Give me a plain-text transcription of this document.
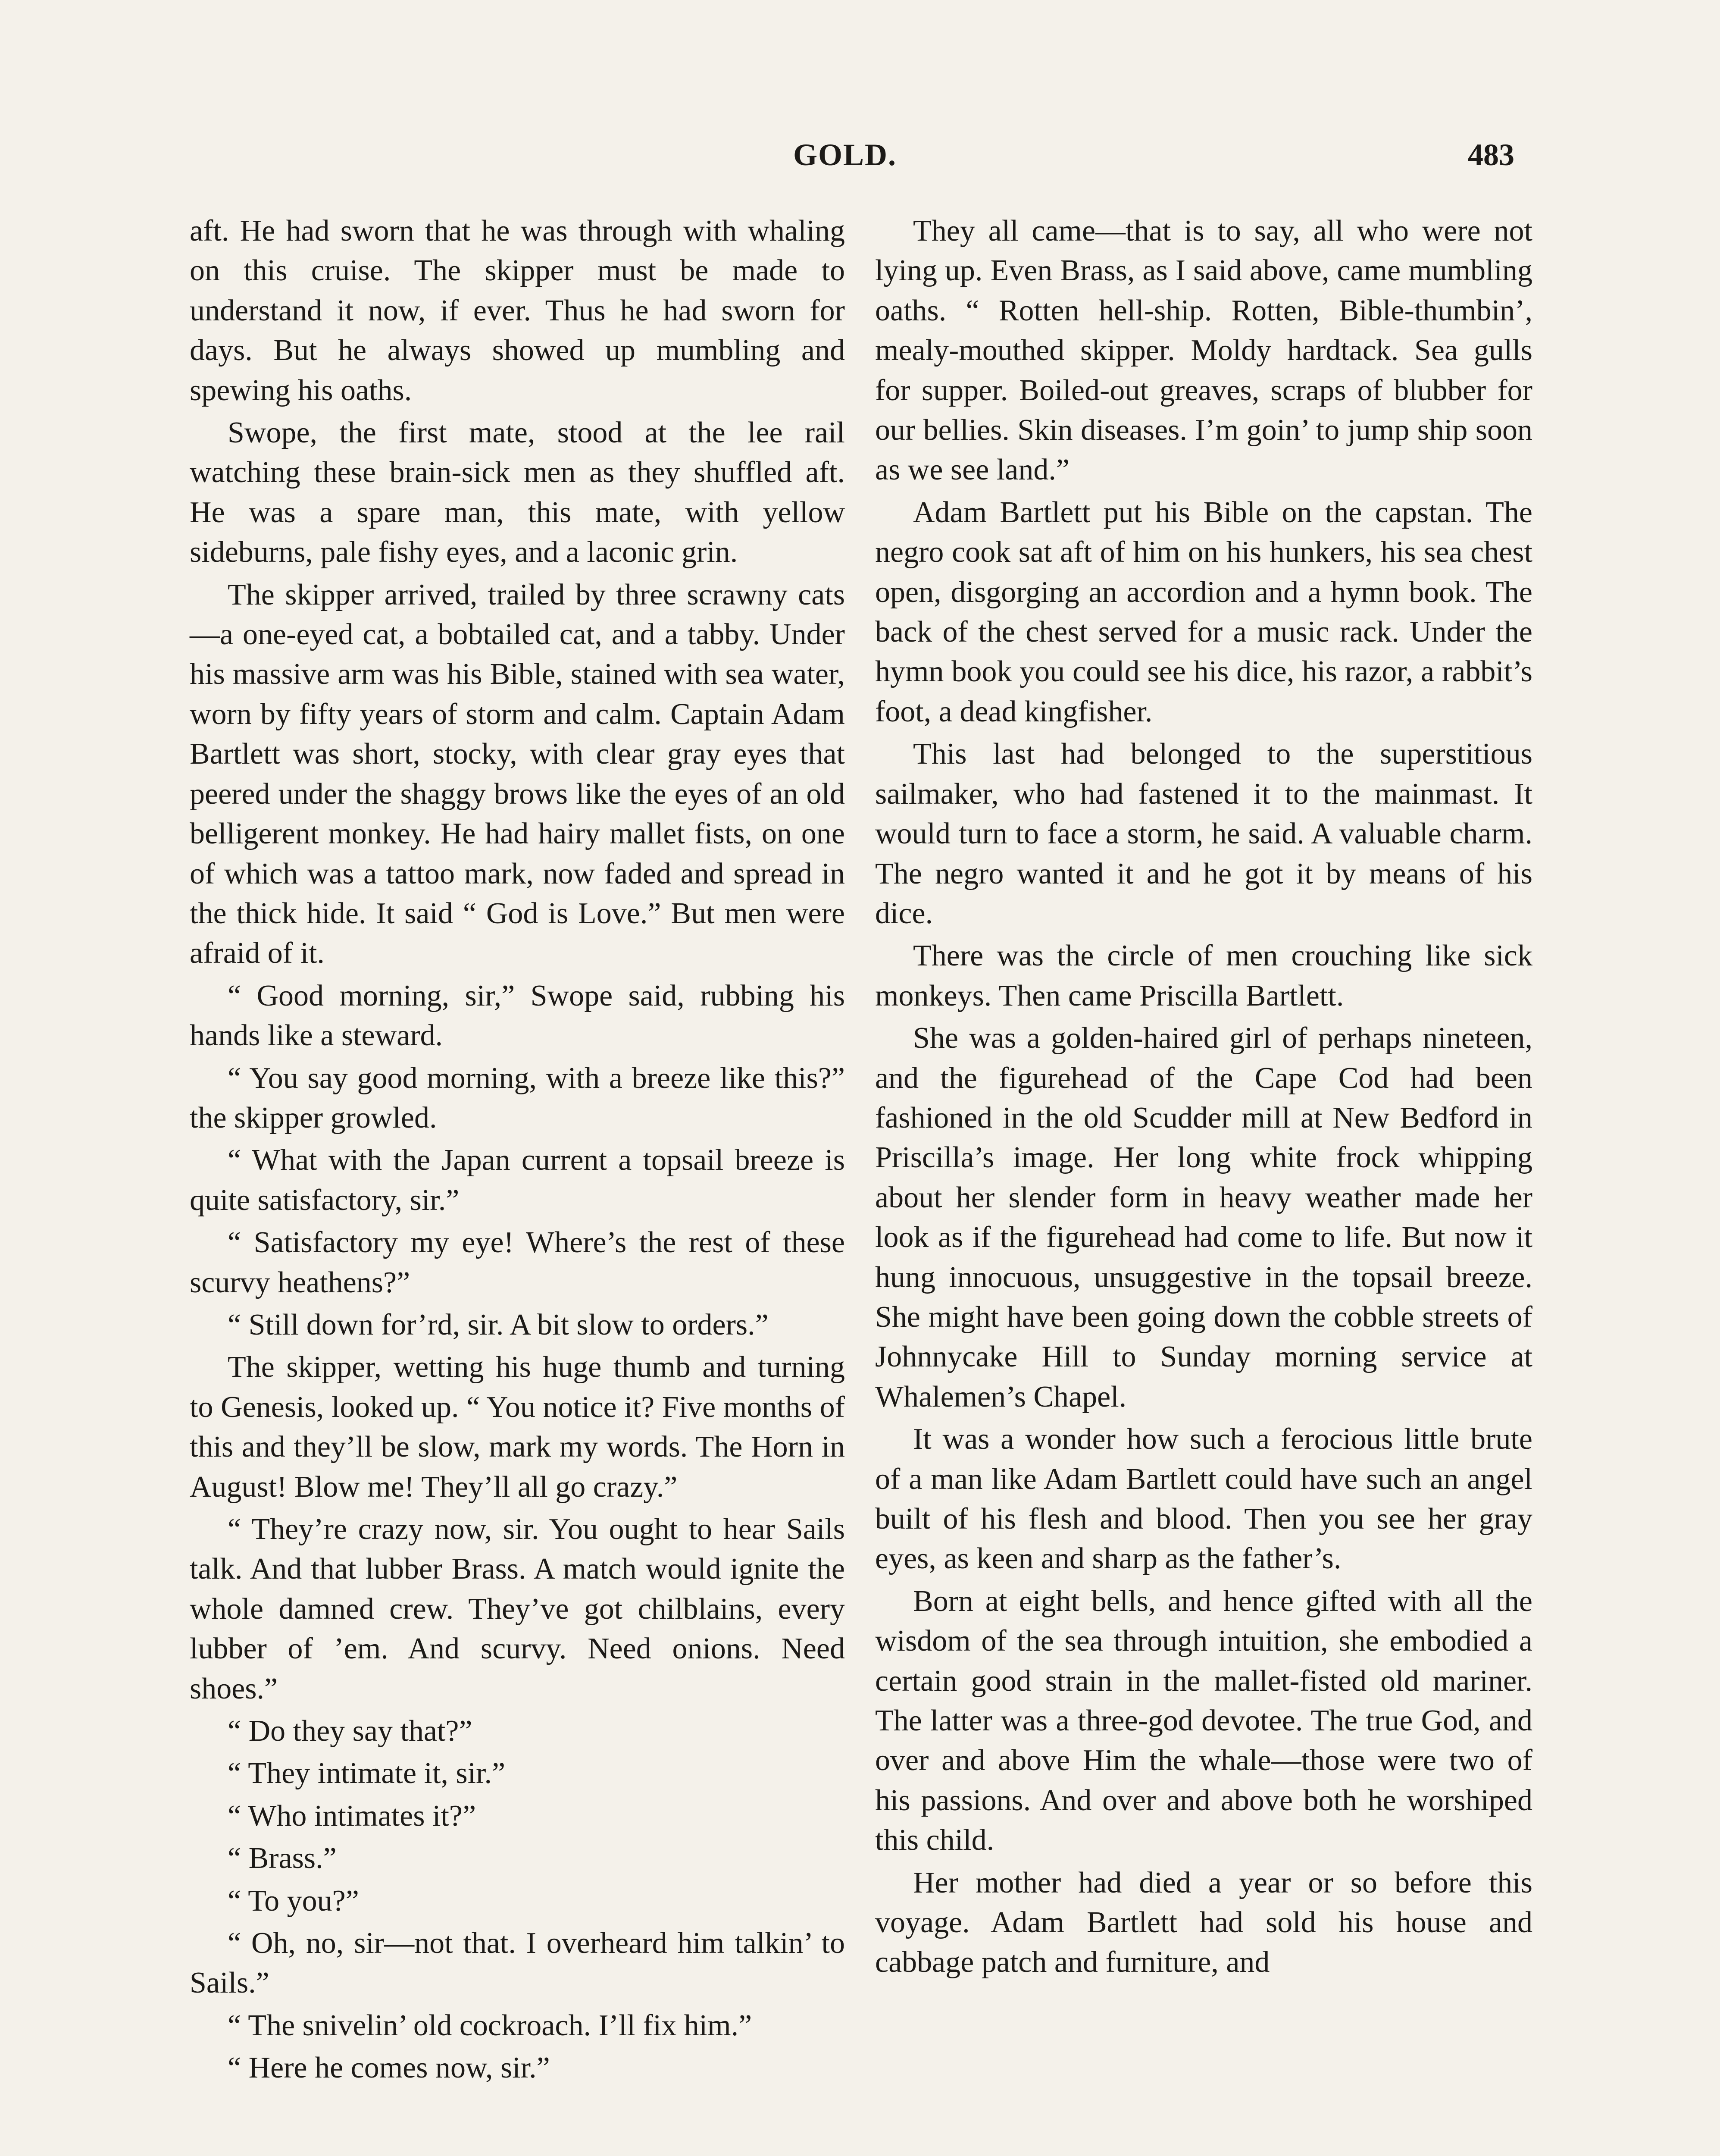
GOLD.	483

aft. He had sworn that he was through with whaling on this cruise. The skipper must be made to understand it now, if ever. Thus he had sworn for days. But he always showed up mumbling and spewing his oaths.

Swope, the first mate, stood at the lee rail watching these brain-sick men as they shuffled aft. He was a spare man, this mate, with yellow sideburns, pale fishy eyes, and a laconic grin.

The skipper arrived, trailed by three scrawny cats—a one-eyed cat, a bobtailed cat, and a tabby. Under his massive arm was his Bible, stained with sea water, worn by fifty years of storm and calm. Captain Adam Bartlett was short, stocky, with clear gray eyes that peered under the shaggy brows like the eyes of an old belligerent monkey. He had hairy mallet fists, on one of which was a tattoo mark, now faded and spread in the thick hide. It said “ God is Love.” But men were afraid of it.

“ Good morning, sir,” Swope said, rubbing his hands like a steward.

“ You say good morning, with a breeze like this?” the skipper growled.

“ What with the Japan current a topsail breeze is quite satisfactory, sir.”

“ Satisfactory my eye! Where’s the rest of these scurvy heathens?”

“ Still down for’rd, sir. A bit slow to orders.”

The skipper, wetting his huge thumb and turning to Genesis, looked up. “ You notice it? Five months of this and they’ll be slow, mark my words. The Horn in August! Blow me! They’ll all go crazy.”

“ They’re crazy now, sir. You ought to hear Sails talk. And that lubber Brass. A match would ignite the whole damned crew. They’ve got chilblains, every lubber of ’em. And scurvy. Need onions. Need shoes.”

“ Do they say that?”

“ They intimate it, sir.”

“ Who intimates it?”

“ Brass.”

“ To you?”

“ Oh, no, sir—not that. I overheard him talkin’ to Sails.”

“ The snivelin’ old cockroach. I’ll fix him.”

“ Here he comes now, sir.”

They all came—that is to say, all who were not lying up. Even Brass, as I said above, came mumbling oaths. “ Rotten hell-ship. Rotten, Bible-thumbin’, mealy-mouthed skipper. Moldy hardtack. Sea gulls for supper. Boiled-out greaves, scraps of blubber for our bellies. Skin diseases. I’m goin’ to jump ship soon as we see land.”

Adam Bartlett put his Bible on the capstan. The negro cook sat aft of him on his hunkers, his sea chest open, disgorging an accordion and a hymn book. The back of the chest served for a music rack. Under the hymn book you could see his dice, his razor, a rabbit’s foot, a dead kingfisher.

This last had belonged to the superstitious sailmaker, who had fastened it to the mainmast. It would turn to face a storm, he said. A valuable charm. The negro wanted it and he got it by means of his dice.

There was the circle of men crouching like sick monkeys. Then came Priscilla Bartlett.

She was a golden-haired girl of perhaps nineteen, and the figurehead of the Cape Cod had been fashioned in the old Scudder mill at New Bedford in Priscilla’s image. Her long white frock whipping about her slender form in heavy weather made her look as if the figurehead had come to life. But now it hung innocuous, unsuggestive in the topsail breeze. She might have been going down the cobble streets of Johnnycake Hill to Sunday morning service at Whalemen’s Chapel.

It was a wonder how such a ferocious little brute of a man like Adam Bartlett could have such an angel built of his flesh and blood. Then you see her gray eyes, as keen and sharp as the father’s.

Born at eight bells, and hence gifted with all the wisdom of the sea through intuition, she embodied a certain good strain in the mallet-fisted old mariner. The latter was a three-god devotee. The true God, and over and above Him the whale—those were two of his passions. And over and above both he worshiped this child.

Her mother had died a year or so before this voyage. Adam Bartlett had sold his house and cabbage patch and furniture, and
